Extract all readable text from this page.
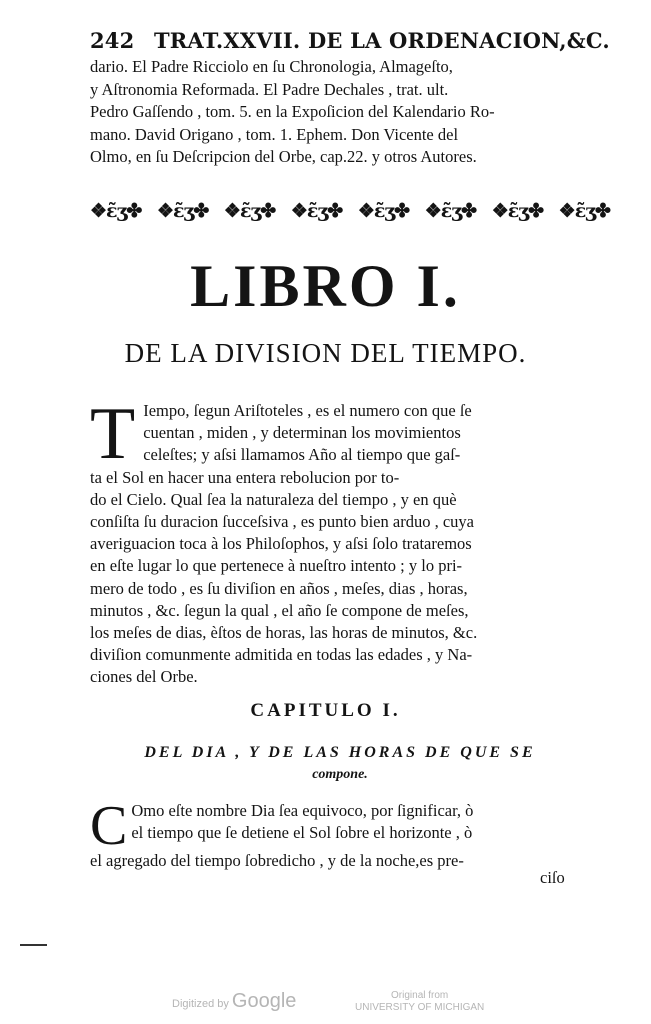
242 TRAT.XXVII. DE LA ORDENACION,&C.
dario. El Padre Ricciolo en ſu Chronologia, Almageſto,
y Aſtronomia Reformada. El Padre Dechales , trat. ult.
Pedro Gaſſendo , tom. 5. en la Expoſicion del Kalendario Ro-
mano. David Origano , tom. 1. Ephem. Don Vicente del
Olmo, en ſu Deſcripcion del Orbe, cap.22. y otros Autores.
❖ɛ̃ʒ✤ ❖ɛ̃ʒ✤ ❖ɛ̃ʒ✤ ❖ɛ̃ʒ✤ ❖ɛ̃ʒ✤ ❖ɛ̃ʒ✤ ❖ɛ̃ʒ✤ ❖ɛ̃ʒ✤
LIBRO I.
DE LA DIVISION DEL TIEMPO.
T Iempo, ſegun Ariſtoteles , es el numero con que ſe
cuentan , miden , y determinan los movimientos
celeſtes; y aſsi llamamos Año al tiempo que gaſ-
ta el Sol en hacer una entera rebolucion por to-
do el Cielo. Qual ſea la naturaleza del tiempo , y en què
conſiſta ſu duracion ſucceſsiva , es punto bien arduo , cuya
averiguacion toca à los Philoſophos, y aſsi ſolo trataremos
en eſte lugar lo que pertenece à nueſtro intento ; y lo pri-
mero de todo , es ſu diviſion en años , meſes, dias , horas,
minutos , &c. ſegun la qual , el año ſe compone de meſes,
los meſes de dias, èſtos de horas, las horas de minutos, &c.
diviſion comunmente admitida en todas las edades , y Na-
ciones del Orbe.
CAPITULO I.
DEL DIA , Y DE LAS HORAS DE QUE SE
compone.
C Omo eſte nombre Dia ſea equivoco, por ſignificar, ò
el tiempo que ſe detiene el Sol ſobre el horizonte , ò
el agregado del tiempo ſobredicho , y de la noche,es pre-
ciſo
Digitized by Google	Original from
UNIVERSITY OF MICHIGAN
